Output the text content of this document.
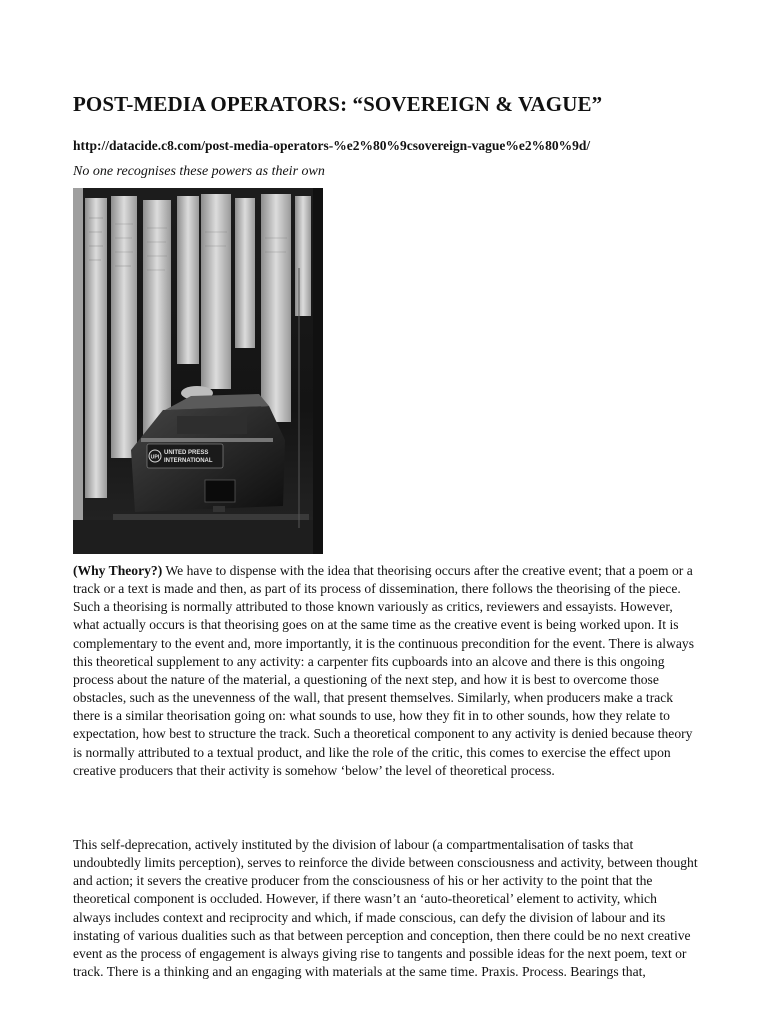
POST-MEDIA OPERATORS: “SOVEREIGN & VAGUE”
http://datacide.c8.com/post-media-operators-%e2%80%9csovereign-vague%e2%80%9d/
No one recognises these powers as their own
UPI
UNITED PRESS
INTERNATIONAL

(Why Theory?) We have to dispense with the idea that theorising occurs after the creative event; that a poem or a track or a text is made and then, as part of its process of dissemination, there follows the theorising of the piece. Such a theorising is normally attributed to those known variously as critics, reviewers and essayists. However, what actually occurs is that theorising goes on at the same time as the creative event is being worked upon. It is complementary to the event and, more importantly, it is the continuous precondition for the event. There is always this theoretical supplement to any activity: a carpenter fits cupboards into an alcove and there is this ongoing process about the nature of the material, a questioning of the next step, and how it is best to overcome those obstacles, such as the unevenness of the wall, that present themselves. Similarly, when producers make a track there is a similar theorisation going on: what sounds to use, how they fit in to other sounds, how they relate to expectation, how best to structure the track. Such a theoretical component to any activity is denied because theory is normally attributed to a textual product, and like the role of the critic, this comes to exercise the effect upon creative producers that their activity is somehow ‘below’ the level of theoretical process.

This self-deprecation, actively instituted by the division of labour (a compartmentalisation of tasks that undoubtedly limits perception), serves to reinforce the divide between consciousness and activity, between thought and action; it severs the creative producer from the consciousness of his or her activity to the point that the theoretical component is occluded. However, if there wasn’t an ‘auto-theoretical’ element to activity, which always includes context and reciprocity and which, if made conscious, can defy the division of labour and its instating of various dualities such as that between perception and conception, then there could be no next creative event as the process of engagement is always giving rise to tangents and possible ideas for the next poem, text or track. There is a thinking and an engaging with materials at the same time. Praxis. Process. Bearings that,
